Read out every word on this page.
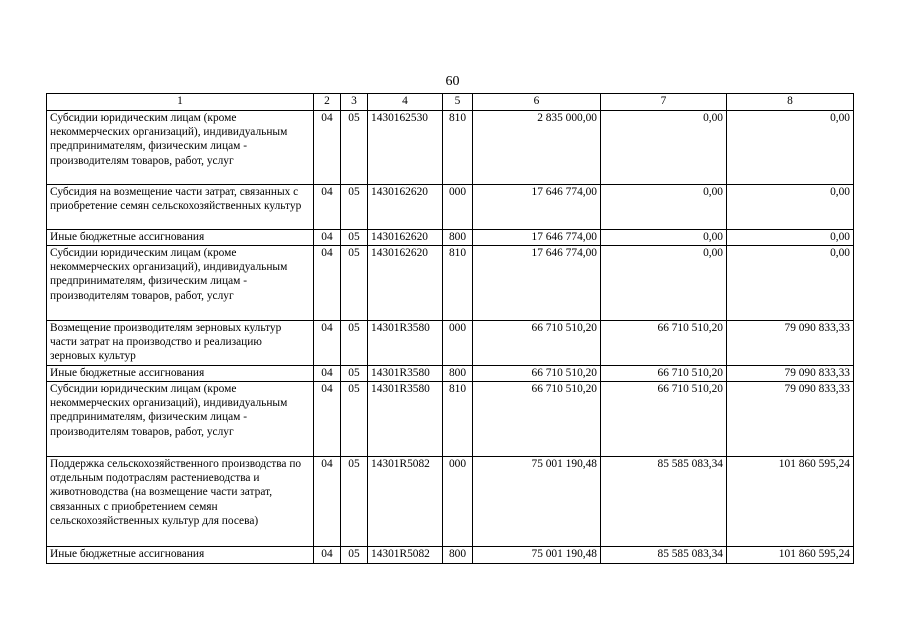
60
1	2	3	4	5	6	7	8
Субсидии юридическим лицам (кроме некоммерческих организаций), индивидуальным предпринимателям, физическим лицам - производителям товаров, работ, услуг	04	05	1430162530	810	2 835 000,00	0,00	0,00
Субсидия на возмещение части затрат, связанных с приобретение семян сельскохозяйственных культур	04	05	1430162620	000	17 646 774,00	0,00	0,00
Иные бюджетные ассигнования	04	05	1430162620	800	17 646 774,00	0,00	0,00
Субсидии юридическим лицам (кроме некоммерческих организаций), индивидуальным предпринимателям, физическим лицам - производителям товаров, работ, услуг	04	05	1430162620	810	17 646 774,00	0,00	0,00
Возмещение производителям зерновых культур части затрат на производство и реализацию зерновых культур	04	05	14301R3580	000	66 710 510,20	66 710 510,20	79 090 833,33
Иные бюджетные ассигнования	04	05	14301R3580	800	66 710 510,20	66 710 510,20	79 090 833,33
Субсидии юридическим лицам (кроме некоммерческих организаций), индивидуальным предпринимателям, физическим лицам - производителям товаров, работ, услуг	04	05	14301R3580	810	66 710 510,20	66 710 510,20	79 090 833,33
Поддержка сельскохозяйственного производства по отдельным подотраслям растениеводства и животноводства (на возмещение части затрат, связанных с приобретением семян сельскохозяйственных культур для посева)	04	05	14301R5082	000	75 001 190,48	85 585 083,34	101 860 595,24
Иные бюджетные ассигнования	04	05	14301R5082	800	75 001 190,48	85 585 083,34	101 860 595,24
